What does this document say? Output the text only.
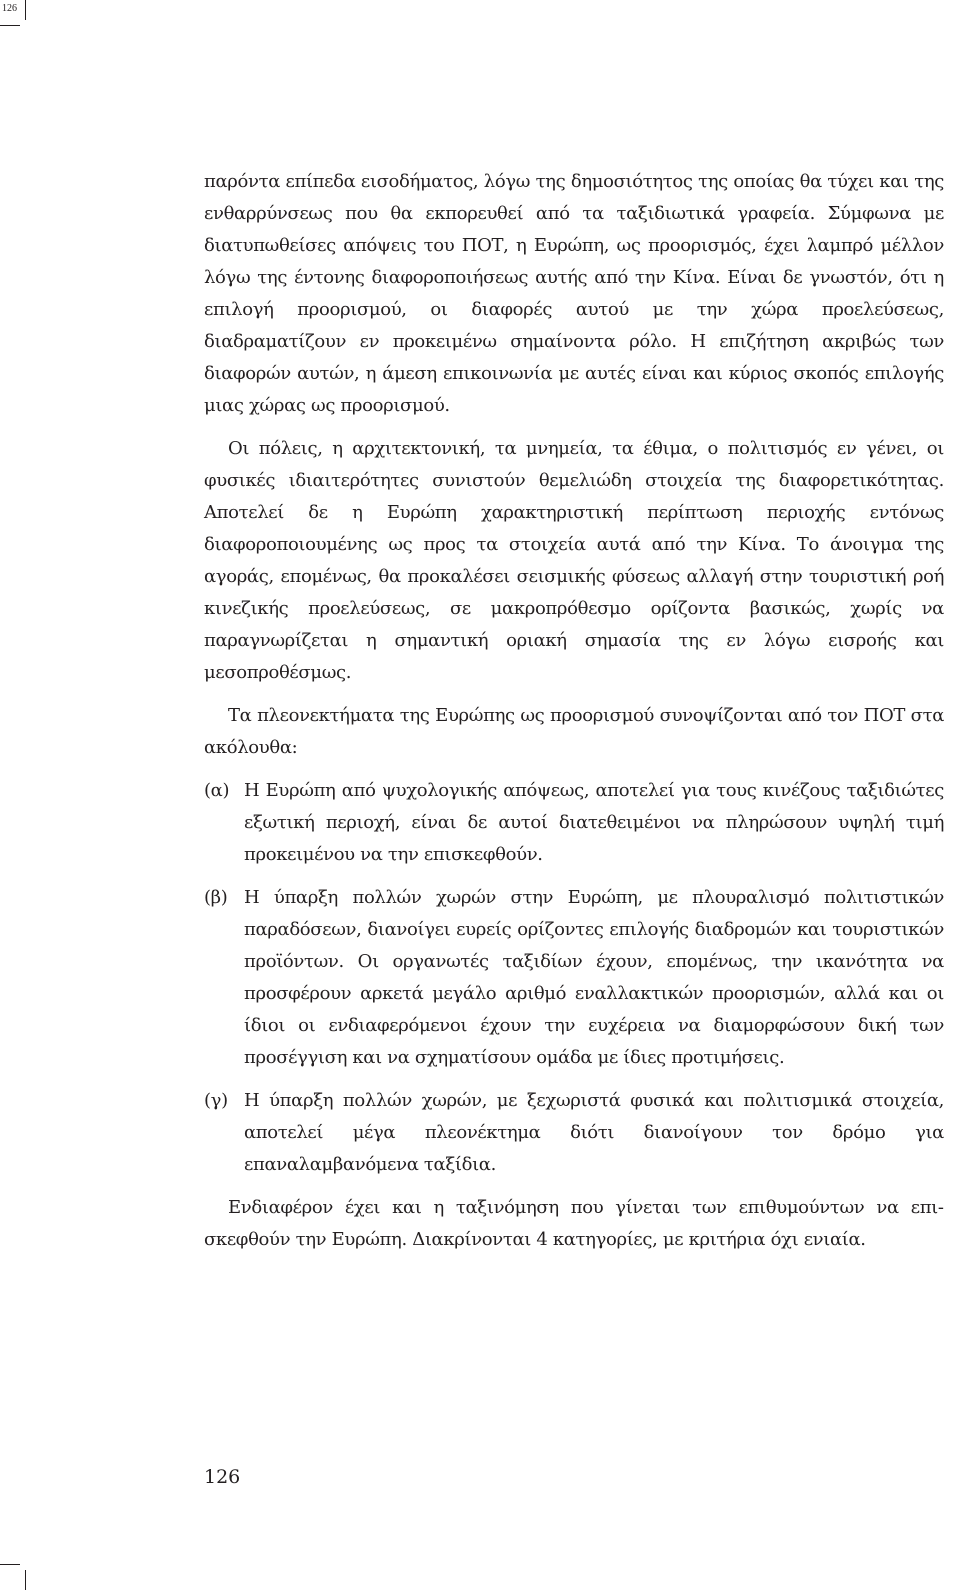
126

παρόντα επίπεδα εισοδήματος, λόγω της δημοσιότητος της οποίας θα τύχει και της ενθαρρύνσεως που θα εκπορευθεί από τα ταξιδιωτικά γραφεία. Σύμφωνα με διατυπωθείσες απόψεις του ΠΟΤ, η Ευρώπη, ως προορισμός, έχει λαμπρό μέλλον λόγω της έντονης διαφοροποιήσεως αυτής από την Κίνα. Είναι δε γνωστόν, ότι η επιλογή προορισμού, οι διαφορές αυτού με την χώρα προελεύσεως, διαδραματίζουν εν προκειμένω σημαίνοντα ρόλο. Η επιζήτηση ακριβώς των διαφορών αυτών, η άμεση επικοινωνία με αυτές είναι και κύριος σκοπός επιλογής μιας χώρας ως προορισμού.

Οι πόλεις, η αρχιτεκτονική, τα μνημεία, τα έθιμα, ο πολιτισμός εν γένει, οι φυσικές ιδιαιτερότητες συνιστούν θεμελιώδη στοιχεία της διαφορετικότητας. Αποτελεί δε η Ευρώπη χαρακτηριστική περίπτωση περιοχής εντόνως διαφοροποιουμένης ως προς τα στοιχεία αυτά από την Κίνα. Το άνοιγμα της αγοράς, επομένως, θα προκαλέσει σεισμικής φύσεως αλλαγή στην τουριστική ροή κινεζικής προελεύσεως, σε μακροπρόθεσμο ορίζοντα βασικώς, χωρίς να παραγνωρίζεται η σημαντική οριακή σημασία της εν λόγω εισροής και μεσοπροθέσμως.

Τα πλεονεκτήματα της Ευρώπης ως προορισμού συνοψίζονται από τον ΠΟΤ στα ακόλουθα:

(α) Η Ευρώπη από ψυχολογικής απόψεως, αποτελεί για τους κινέζους ταξιδιώτες εξωτική περιοχή, είναι δε αυτοί διατεθειμένοι να πληρώσουν υψηλή τιμή προκειμένου να την επισκεφθούν.
(β) Η ύπαρξη πολλών χωρών στην Ευρώπη, με πλουραλισμό πολιτιστικών παραδόσεων, διανοίγει ευρείς ορίζοντες επιλογής διαδρομών και τουριστικών προϊόντων. Οι οργανωτές ταξιδίων έχουν, επομένως, την ικανότητα να προσφέρουν αρκετά μεγάλο αριθμό εναλλακτικών προορισμών, αλλά και οι ίδιοι οι ενδιαφερόμενοι έχουν την ευχέρεια να διαμορφώσουν δική των προσέγγιση και να σχηματίσουν ομάδα με ίδιες προτιμήσεις.
(γ) Η ύπαρξη πολλών χωρών, με ξεχωριστά φυσικά και πολιτισμικά στοιχεία, αποτελεί μέγα πλεονέκτημα διότι διανοίγουν τον δρόμο για επαναλαμβανόμενα ταξίδια.

Ενδιαφέρον έχει και η ταξινόμηση που γίνεται των επιθυμούντων να επισκεφθούν την Ευρώπη. Διακρίνονται 4 κατηγορίες, με κριτήρια όχι ενιαία.

126
